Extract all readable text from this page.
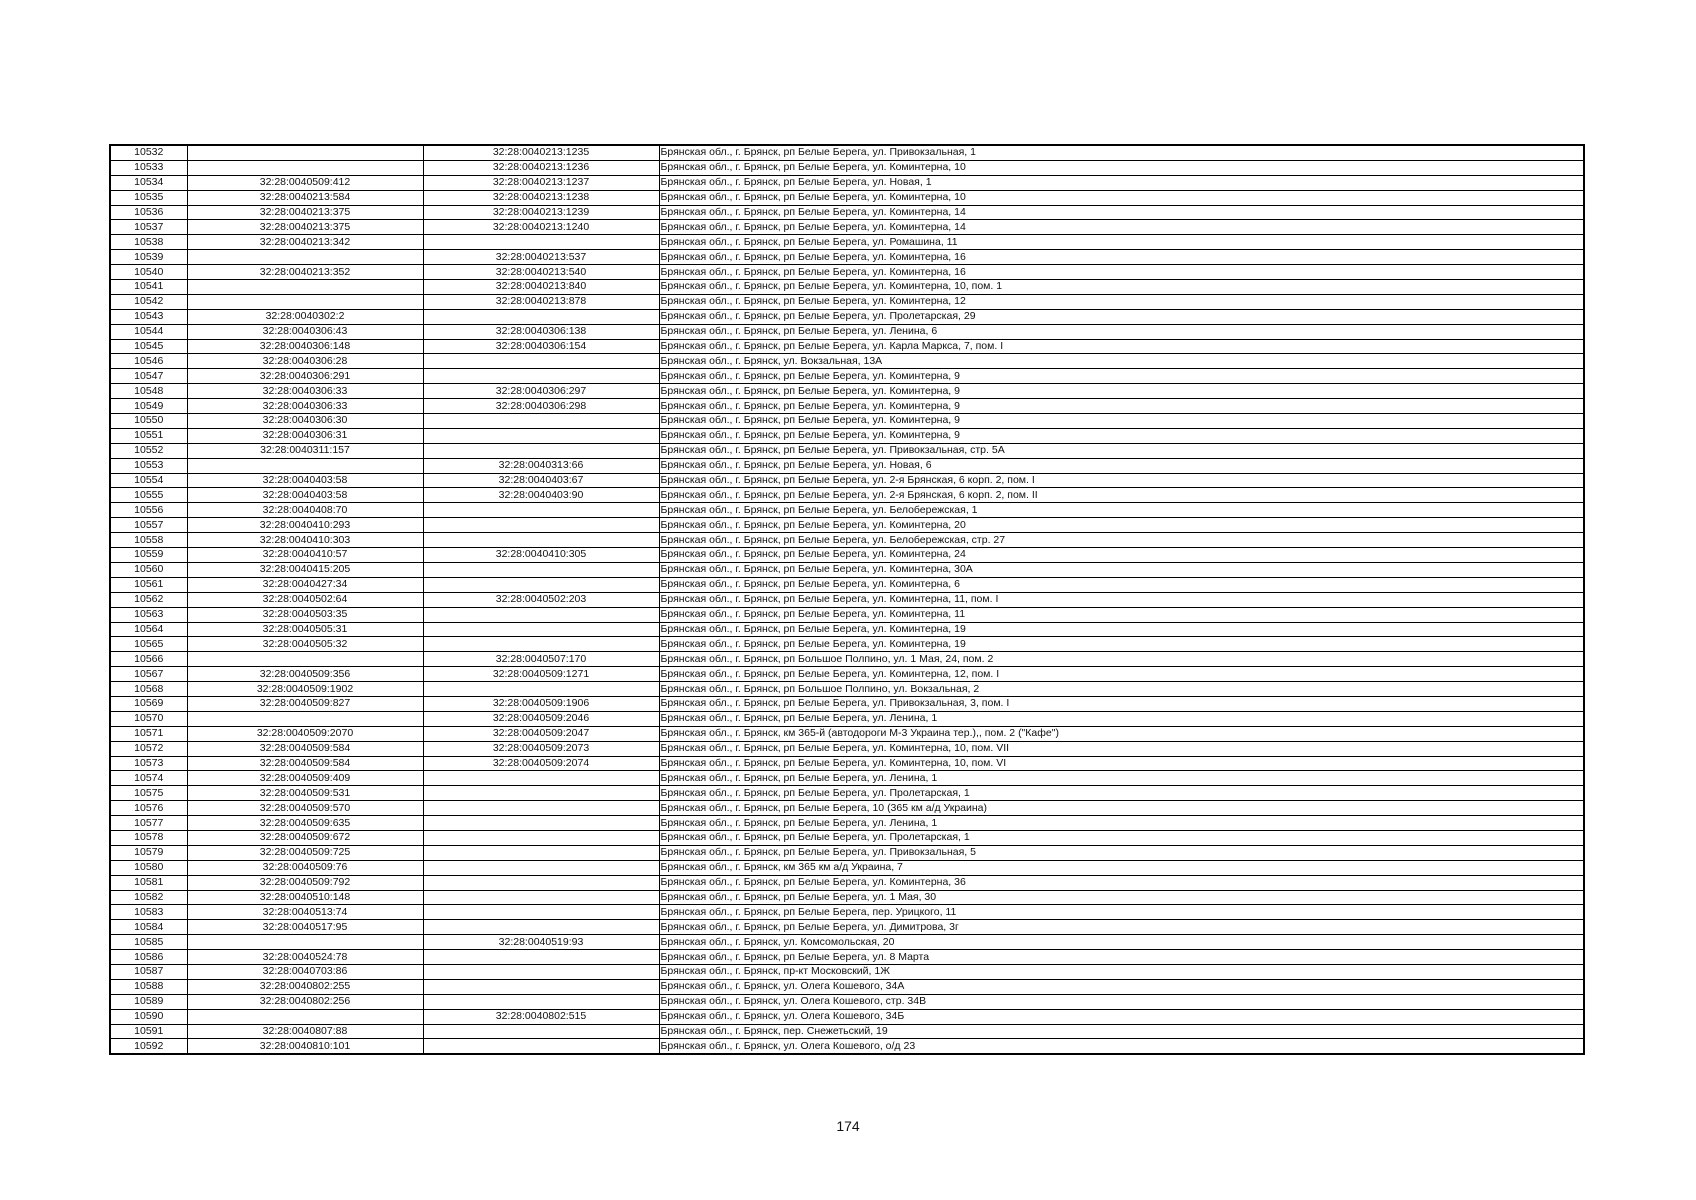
10532		32:28:0040213:1235	Брянская обл., г. Брянск, рп Белые Берега, ул. Привокзальная, 1
10533		32:28:0040213:1236	Брянская обл., г. Брянск, рп Белые Берега, ул. Коминтерна, 10
10534	32:28:0040509:412	32:28:0040213:1237	Брянская обл., г. Брянск, рп Белые Берега, ул. Новая, 1
10535	32:28:0040213:584	32:28:0040213:1238	Брянская обл., г. Брянск, рп Белые Берега, ул. Коминтерна, 10
10536	32:28:0040213:375	32:28:0040213:1239	Брянская обл., г. Брянск, рп Белые Берега, ул. Коминтерна, 14
10537	32:28:0040213:375	32:28:0040213:1240	Брянская обл., г. Брянск, рп Белые Берега, ул. Коминтерна, 14
10538	32:28:0040213:342		Брянская обл., г. Брянск, рп Белые Берега, ул. Ромашина, 11
10539		32:28:0040213:537	Брянская обл., г. Брянск, рп Белые Берега, ул. Коминтерна, 16
10540	32:28:0040213:352	32:28:0040213:540	Брянская обл., г. Брянск, рп Белые Берега, ул. Коминтерна, 16
10541		32:28:0040213:840	Брянская обл., г. Брянск, рп Белые Берега, ул. Коминтерна, 10, пом. 1
10542		32:28:0040213:878	Брянская обл., г. Брянск, рп Белые Берега, ул. Коминтерна, 12
10543	32:28:0040302:2		Брянская обл., г. Брянск, рп Белые Берега, ул. Пролетарская, 29
10544	32:28:0040306:43	32:28:0040306:138	Брянская обл., г. Брянск, рп Белые Берега, ул. Ленина, 6
10545	32:28:0040306:148	32:28:0040306:154	Брянская обл., г. Брянск, рп Белые Берега, ул. Карла Маркса, 7, пом. I
10546	32:28:0040306:28		Брянская обл., г. Брянск, ул. Вокзальная, 13А
10547	32:28:0040306:291		Брянская обл., г. Брянск, рп Белые Берега, ул. Коминтерна, 9
10548	32:28:0040306:33	32:28:0040306:297	Брянская обл., г. Брянск, рп Белые Берега, ул. Коминтерна, 9
10549	32:28:0040306:33	32:28:0040306:298	Брянская обл., г. Брянск, рп Белые Берега, ул. Коминтерна, 9
10550	32:28:0040306:30		Брянская обл., г. Брянск, рп Белые Берега, ул. Коминтерна, 9
10551	32:28:0040306:31		Брянская обл., г. Брянск, рп Белые Берега, ул. Коминтерна, 9
10552	32:28:0040311:157		Брянская обл., г. Брянск, рп Белые Берега, ул. Привокзальная, стр. 5А
10553		32:28:0040313:66	Брянская обл., г. Брянск, рп Белые Берега, ул. Новая, 6
10554	32:28:0040403:58	32:28:0040403:67	Брянская обл., г. Брянск, рп Белые Берега, ул. 2-я Брянская, 6 корп. 2, пом. I
10555	32:28:0040403:58	32:28:0040403:90	Брянская обл., г. Брянск, рп Белые Берега, ул. 2-я Брянская, 6 корп. 2, пом. II
10556	32:28:0040408:70		Брянская обл., г. Брянск, рп Белые Берега, ул. Белобережская, 1
10557	32:28:0040410:293		Брянская обл., г. Брянск, рп Белые Берега, ул. Коминтерна, 20
10558	32:28:0040410:303		Брянская обл., г. Брянск, рп Белые Берега, ул. Белобережская, стр. 27
10559	32:28:0040410:57	32:28:0040410:305	Брянская обл., г. Брянск, рп Белые Берега, ул. Коминтерна, 24
10560	32:28:0040415:205		Брянская обл., г. Брянск, рп Белые Берега, ул. Коминтерна, 30А
10561	32:28:0040427:34		Брянская обл., г. Брянск, рп Белые Берега, ул. Коминтерна, 6
10562	32:28:0040502:64	32:28:0040502:203	Брянская обл., г. Брянск, рп Белые Берега, ул. Коминтерна, 11, пом. I
10563	32:28:0040503:35		Брянская обл., г. Брянск, рп Белые Берега, ул. Коминтерна, 11
10564	32:28:0040505:31		Брянская обл., г. Брянск, рп Белые Берега, ул. Коминтерна, 19
10565	32:28:0040505:32		Брянская обл., г. Брянск, рп Белые Берега, ул. Коминтерна, 19
10566		32:28:0040507:170	Брянская обл., г. Брянск, рп Большое Полпино, ул. 1 Мая, 24, пом. 2
10567	32:28:0040509:356	32:28:0040509:1271	Брянская обл., г. Брянск, рп Белые Берега, ул. Коминтерна, 12, пом. I
10568	32:28:0040509:1902		Брянская обл., г. Брянск, рп Большое Полпино, ул. Вокзальная, 2
10569	32:28:0040509:827	32:28:0040509:1906	Брянская обл., г. Брянск, рп Белые Берега, ул. Привокзальная, 3, пом. I
10570		32:28:0040509:2046	Брянская обл., г. Брянск, рп Белые Берега, ул. Ленина, 1
10571	32:28:0040509:2070	32:28:0040509:2047	Брянская обл., г. Брянск, км 365-й (автодороги М-3 Украина тер.),, пом. 2 ("Кафе")
10572	32:28:0040509:584	32:28:0040509:2073	Брянская обл., г. Брянск, рп Белые Берега, ул. Коминтерна, 10, пом. VII
10573	32:28:0040509:584	32:28:0040509:2074	Брянская обл., г. Брянск, рп Белые Берега, ул. Коминтерна, 10, пом. VI
10574	32:28:0040509:409		Брянская обл., г. Брянск, рп Белые Берега, ул. Ленина, 1
10575	32:28:0040509:531		Брянская обл., г. Брянск, рп Белые Берега, ул. Пролетарская, 1
10576	32:28:0040509:570		Брянская обл., г. Брянск, рп Белые Берега, 10 (365 км а/д Украина)
10577	32:28:0040509:635		Брянская обл., г. Брянск, рп Белые Берега, ул. Ленина, 1
10578	32:28:0040509:672		Брянская обл., г. Брянск, рп Белые Берега, ул. Пролетарская, 1
10579	32:28:0040509:725		Брянская обл., г. Брянск, рп Белые Берега, ул. Привокзальная, 5
10580	32:28:0040509:76		Брянская обл., г. Брянск, км 365 км а/д Украина, 7
10581	32:28:0040509:792		Брянская обл., г. Брянск, рп Белые Берега, ул. Коминтерна, 36
10582	32:28:0040510:148		Брянская обл., г. Брянск, рп Белые Берега, ул. 1 Мая, 30
10583	32:28:0040513:74		Брянская обл., г. Брянск, рп Белые Берега, пер. Урицкого, 11
10584	32:28:0040517:95		Брянская обл., г. Брянск, рп Белые Берега, ул. Димитрова, 3г
10585		32:28:0040519:93	Брянская обл., г. Брянск, ул. Комсомольская, 20
10586	32:28:0040524:78		Брянская обл., г. Брянск, рп Белые Берега, ул. 8 Марта
10587	32:28:0040703:86		Брянская обл., г. Брянск, пр-кт Московский, 1Ж
10588	32:28:0040802:255		Брянская обл., г. Брянск, ул. Олега Кошевого, 34А
10589	32:28:0040802:256		Брянская обл., г. Брянск, ул. Олега Кошевого, стр. 34В
10590		32:28:0040802:515	Брянская обл., г. Брянск, ул. Олега Кошевого, 34Б
10591	32:28:0040807:88		Брянская обл., г. Брянск, пер. Снежетьский, 19
10592	32:28:0040810:101		Брянская обл., г. Брянск, ул. Олега Кошевого, о/д 23
174
